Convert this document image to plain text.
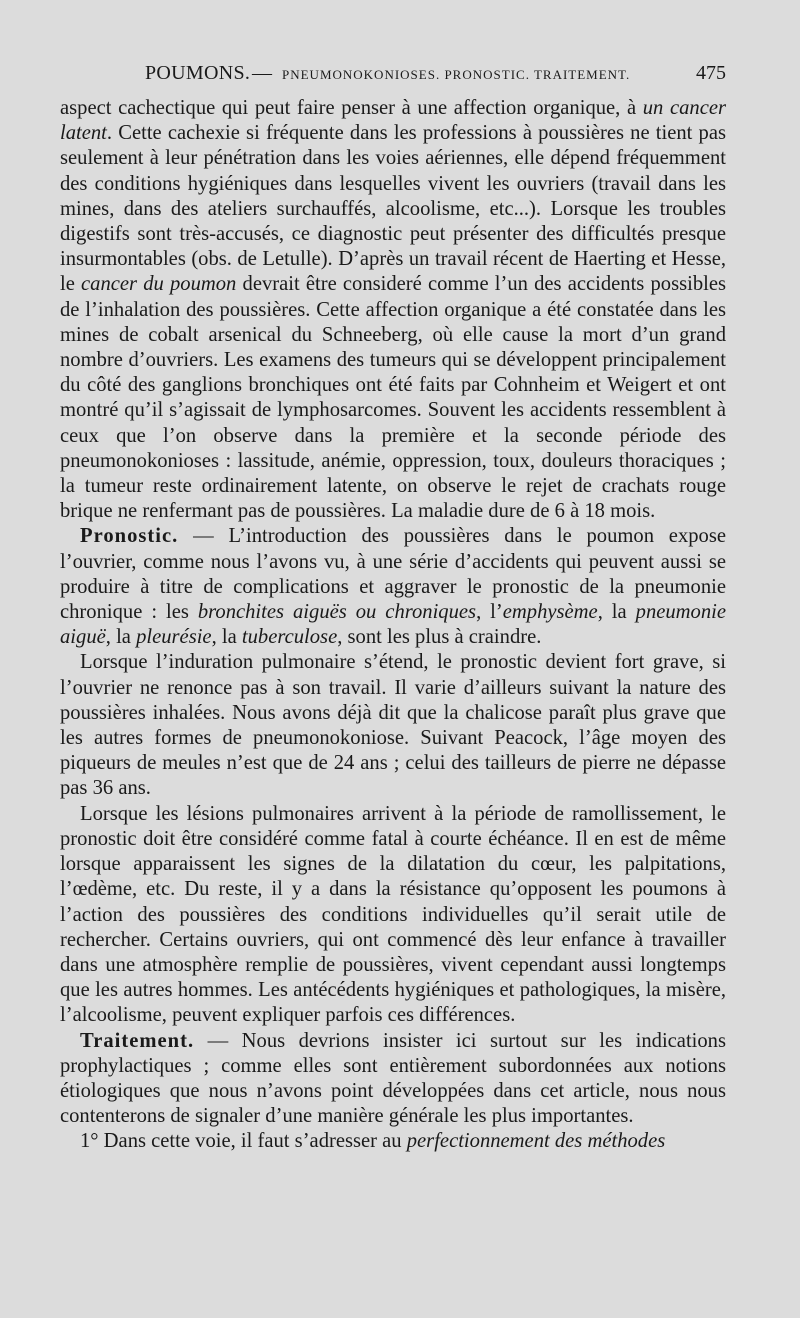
POUMONS. — PNEUMONOKONIOSES. PRONOSTIC. TRAITEMENT.	475

aspect cachectique qui peut faire penser à une affection organique, à un cancer latent. Cette cachexie si fréquente dans les professions à poussières ne tient pas seulement à leur pénétration dans les voies aériennes, elle dépend fréquemment des conditions hygiéniques dans lesquelles vivent les ouvriers (travail dans les mines, dans des ateliers surchauffés, alcoolisme, etc...). Lorsque les troubles digestifs sont très-accusés, ce diagnostic peut présenter des difficultés presque insurmontables (obs. de Letulle). D’après un travail récent de Haerting et Hesse, le cancer du poumon devrait être consideré comme l’un des accidents possibles de l’inhalation des poussières. Cette affection organique a été constatée dans les mines de cobalt arsenical du Schneeberg, où elle cause la mort d’un grand nombre d’ouvriers. Les examens des tumeurs qui se développent principalement du côté des ganglions bronchiques ont été faits par Cohnheim et Weigert et ont montré qu’il s’agissait de lymphosarcomes. Souvent les accidents ressemblent à ceux que l’on observe dans la première et la seconde période des pneumonokonioses : lassitude, anémie, oppression, toux, douleurs thoraciques ; la tumeur reste ordinairement latente, on observe le rejet de crachats rouge brique ne renfermant pas de poussières. La maladie dure de 6 à 18 mois.

Pronostic. — L’introduction des poussières dans le poumon expose l’ouvrier, comme nous l’avons vu, à une série d’accidents qui peuvent aussi se produire à titre de complications et aggraver le pronostic de la pneumonie chronique : les bronchites aiguës ou chroniques, l’emphysème, la pneumonie aiguë, la pleurésie, la tuberculose, sont les plus à craindre.

Lorsque l’induration pulmonaire s’étend, le pronostic devient fort grave, si l’ouvrier ne renonce pas à son travail. Il varie d’ailleurs suivant la nature des poussières inhalées. Nous avons déjà dit que la chalicose paraît plus grave que les autres formes de pneumonokoniose. Suivant Peacock, l’âge moyen des piqueurs de meules n’est que de 24 ans ; celui des tailleurs de pierre ne dépasse pas 36 ans.

Lorsque les lésions pulmonaires arrivent à la période de ramollissement, le pronostic doit être considéré comme fatal à courte échéance. Il en est de même lorsque apparaissent les signes de la dilatation du cœur, les palpitations, l’œdème, etc. Du reste, il y a dans la résistance qu’opposent les poumons à l’action des poussières des conditions individuelles qu’il serait utile de rechercher. Certains ouvriers, qui ont commencé dès leur enfance à travailler dans une atmosphère remplie de poussières, vivent cependant aussi longtemps que les autres hommes. Les antécédents hygiéniques et pathologiques, la misère, l’alcoolisme, peuvent expliquer parfois ces différences.

Traitement. — Nous devrions insister ici surtout sur les indications prophylactiques ; comme elles sont entièrement subordonnées aux notions étiologiques que nous n’avons point développées dans cet article, nous nous contenterons de signaler d’une manière générale les plus importantes.

1° Dans cette voie, il faut s’adresser au perfectionnement des méthodes
